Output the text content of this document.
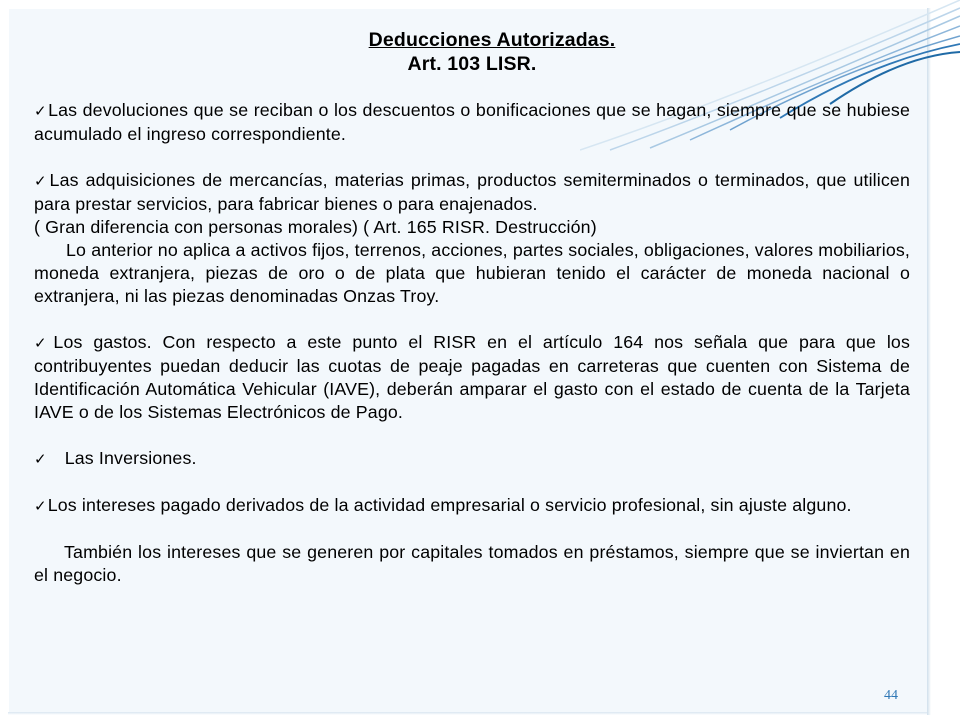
Deducciones Autorizadas.

Art. 103 LISR.

✓Las devoluciones que se reciban o los descuentos o bonificaciones que se hagan, siempre que se hubiese acumulado el ingreso correspondiente.

✓Las adquisiciones de mercancías, materias primas, productos semiterminados o terminados, que utilicen para prestar servicios, para fabricar bienes o para enajenados.

( Gran diferencia con personas morales) ( Art. 165 RISR. Destrucción)

Lo anterior no aplica a activos fijos, terrenos, acciones, partes sociales, obligaciones, valores mobiliarios, moneda extranjera, piezas de oro o de plata que hubieran tenido el carácter de moneda nacional o extranjera, ni las piezas denominadas Onzas Troy.

✓Los gastos. Con respecto a este punto el RISR en el artículo 164 nos señala que para que los contribuyentes puedan deducir las cuotas de peaje pagadas en carreteras que cuenten con Sistema de Identificación Automática Vehicular (IAVE), deberán amparar el gasto con el estado de cuenta de la Tarjeta IAVE o de los Sistemas Electrónicos de Pago.

✓ Las Inversiones.

✓Los intereses pagado derivados de la actividad empresarial o servicio profesional, sin ajuste alguno.

También los intereses que se generen por capitales tomados en préstamos, siempre que se inviertan en el negocio.

44
